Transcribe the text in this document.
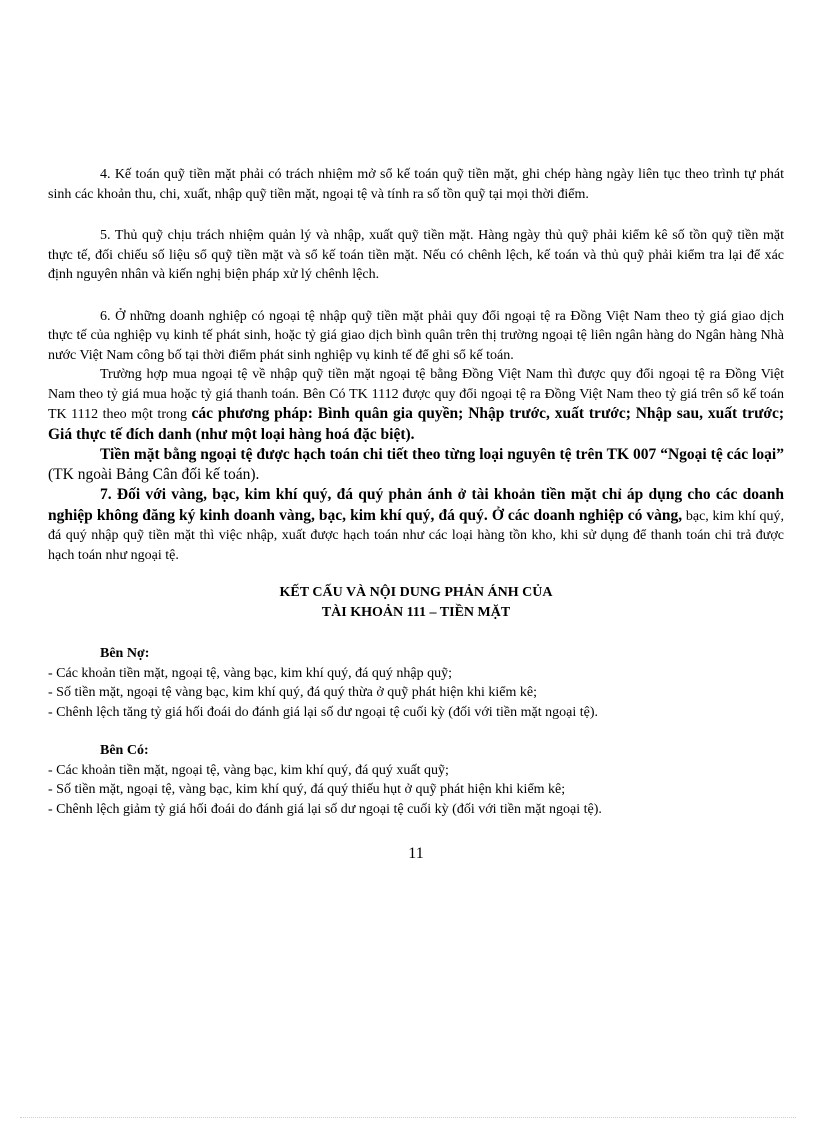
4. Kế toán quỹ tiền mặt phải có trách nhiệm mở sổ kế toán quỹ tiền mặt, ghi chép hàng ngày liên tục theo trình tự phát sinh các khoản thu, chi, xuất, nhập quỹ tiền mặt, ngoại tệ và tính ra số tồn quỹ tại mọi thời điểm.

5. Thủ quỹ chịu trách nhiệm quản lý và nhập, xuất quỹ tiền mặt. Hàng ngày thủ quỹ phải kiểm kê số tồn quỹ tiền mặt thực tế, đối chiếu số liệu sổ quỹ tiền mặt và sổ kế toán tiền mặt. Nếu có chênh lệch, kế toán và thủ quỹ phải kiểm tra lại để xác định nguyên nhân và kiến nghị biện pháp xử lý chênh lệch.

6. Ở những doanh nghiệp có ngoại tệ nhập quỹ tiền mặt phải quy đổi ngoại tệ ra Đồng Việt Nam theo tỷ giá giao dịch thực tế của nghiệp vụ kinh tế phát sinh, hoặc tỷ giá giao dịch bình quân trên thị trường ngoại tệ liên ngân hàng do Ngân hàng Nhà nước Việt Nam công bố tại thời điểm phát sinh nghiệp vụ kinh tế để ghi sổ kế toán.

Trường hợp mua ngoại tệ về nhập quỹ tiền mặt ngoại tệ bằng Đồng Việt Nam thì được quy đổi ngoại tệ ra Đồng Việt Nam theo tỷ giá mua hoặc tỷ giá thanh toán. Bên Có TK 1112 được quy đổi ngoại tệ ra Đồng Việt Nam theo tỷ giá trên sổ kế toán TK 1112 theo một trong các phương pháp: Bình quân gia quyền; Nhập trước, xuất trước; Nhập sau, xuất trước; Giá thực tế đích danh (như một loại hàng hoá đặc biệt).

Tiền mặt bằng ngoại tệ được hạch toán chi tiết theo từng loại nguyên tệ trên TK 007 “Ngoại tệ các loại” (TK ngoài Bảng Cân đối kế toán).

7. Đối với vàng, bạc, kim khí quý, đá quý phản ánh ở tài khoản tiền mặt chỉ áp dụng cho các doanh nghiệp không đăng ký kinh doanh vàng, bạc, kim khí quý, đá quý. Ở các doanh nghiệp có vàng, bạc, kim khí quý, đá quý nhập quỹ tiền mặt thì việc nhập, xuất được hạch toán như các loại hàng tồn kho, khi sử dụng để thanh toán chi trả được hạch toán như ngoại tệ.

KẾT CẤU VÀ NỘI DUNG PHẢN ÁNH CỦA
TÀI KHOẢN 111 – TIỀN MẶT

Bên Nợ:

- Các khoản tiền mặt, ngoại tệ, vàng bạc, kim khí quý, đá quý nhập quỹ;

- Số tiền mặt, ngoại tệ vàng bạc, kim khí quý, đá quý thừa ở quỹ phát hiện khi kiểm kê;

- Chênh lệch tăng tỷ giá hối đoái do đánh giá lại số dư ngoại tệ cuối kỳ (đối với tiền mặt ngoại tệ).

Bên Có:

- Các khoản tiền mặt, ngoại tệ, vàng bạc, kim khí quý, đá quý xuất quỹ;

- Số tiền mặt, ngoại tệ, vàng bạc, kim khí quý, đá quý thiếu hụt ở quỹ phát hiện khi kiểm kê;

- Chênh lệch giảm tỷ giá hối đoái do đánh giá lại số dư ngoại tệ cuối kỳ (đối với tiền mặt ngoại tệ).

11
